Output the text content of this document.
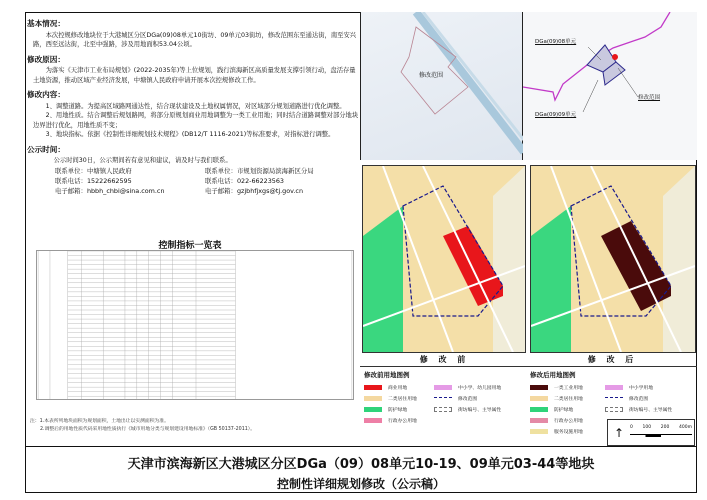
基本情况：
本次控规修改地块位于大港城区分区DGa(09)08单元10街坊、09单元03街坊，修改范围东至通达街，南至安兴路，西至远达街，北至中强路，涉及用地面积53.04公顷。
修改原因：
为落实《天津市工业布局规划》(2022-2035年)等上位规划，践行滨海新区高质量发展支撑引领行动，盘活存量土地资源，推动区域产业经济发展，中塘镇人民政府申请开展本次控规修改工作。
修改内容：
1、调整道路。为提高区域路网通达性，结合现状建设及土地权属情况，对区域部分规划道路进行优化调整。
2、用地性质。结合调整后规划路网，将部分原规划商业用地调整为一类工业用地；同时结合道路调整对部分地块边界进行优化，用地性质不变；
3、地块指标。依据《控制性详细规划技术规程》(DB12/T 1116-2021)等标准要求，对指标进行调整。
公示时间：
公示时间30日，公示期间若有意见和建议，请及时与我们联系。
联系单位：中塘镇人民政府	联系单位：市规划资源局滨海新区分局
联系电话：15222662595	联系电话：022-66223563
电子邮箱：hbbh_chbi@sina.com.cn	电子邮箱：gzjbhfjxgs@tj.gov.cn
控制指标一览表
注：1.本表所列地块面积为规划面积，土地出让以实测面积为准。
2.调整后的用地性质代码采用地性质执行《城市用地分类与规划建设用地标准》（GB 50137-2011）。
修改范围
DGa(09)08单元
DGa(09)09单元
修改范围
修 改 前	修 改 后
修改前用地图例
商业用地
二类居住用地
防护绿地
行政办公用地
中小学、幼儿园用地
修改范围
街坊编号、主导属性
修改后用地图例
一类工业用地
二类居住用地
防护绿地
行政办公用地
服务设施用地
中小学用地
修改范围
街坊编号、主导属性
↑ 0 100 200 400m
天津市滨海新区大港城区分区DGa（09）08单元10-19、09单元03-44等地块
控制性详细规划修改（公示稿）
